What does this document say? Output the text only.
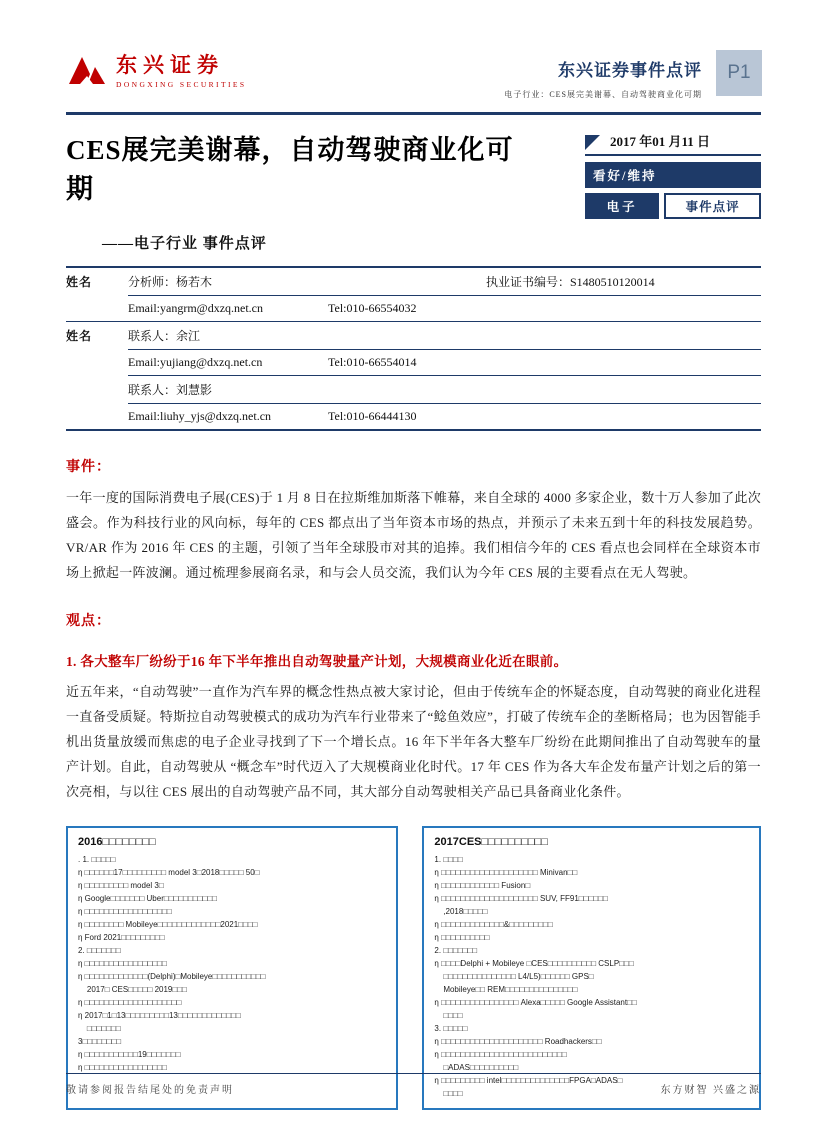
东兴证券
DONGXING SECURITIES
东兴证券事件点评
电子行业：CES展完美谢幕、自动驾驶商业化可期
P1
CES展完美谢幕，自动驾驶商业化可期
2017 年01 月11 日
看好/维持
电子	事件点评
——电子行业 事件点评
姓名	分析师：杨若木	执业证书编号：S1480510120014
Email:yangrm@dxzq.net.cn	Tel:010-66554032
姓名	联系人：余江
Email:yujiang@dxzq.net.cn	Tel:010-66554014
联系人：刘慧影
Email:liuhy_yjs@dxzq.net.cn	Tel:010-66444130
事件：
一年一度的国际消费电子展(CES)于 1 月 8 日在拉斯维加斯落下帷幕，来自全球的 4000 多家企业，数十万人参加了此次盛会。作为科技行业的风向标，每年的 CES 都点出了当年资本市场的热点，并预示了未来五到十年的科技发展趋势。VR/AR 作为 2016 年 CES 的主题，引领了当年全球股市对其的追捧。我们相信今年的 CES 看点也会同样在全球资本市场上掀起一阵波澜。通过梳理参展商名录，和与会人员交流，我们认为今年 CES 展的主要看点在无人驾驶。
观点：
1. 各大整车厂纷纷于16 年下半年推出自动驾驶量产计划，大规模商业化近在眼前。
近五年来，“自动驾驶”一直作为汽车界的概念性热点被大家讨论，但由于传统车企的怀疑态度，自动驾驶的商业化进程一直备受质疑。特斯拉自动驾驶模式的成功为汽车行业带来了“鲶鱼效应”，打破了传统车企的垄断格局；也为因智能手机出货量放缓而焦虑的电子企业寻找到了下一个增长点。16 年下半年各大整车厂纷纷在此期间推出了自动驾驶车的量产计划。自此，自动驾驶从 “概念车”时代迈入了大规模商业化时代。17 年 CES 作为各大车企发布量产计划之后的第一次亮相，与以往 CES 展出的自动驾驶产品不同，其大部分自动驾驶相关产品已具备商业化条件。
2016□□□□□□□□
. 1. □□□□□
η □□□□□□17□□□□□□□□□ model 3□2018□□□□□ 50□
η □□□□□□□□□ model 3□
η Google□□□□□□□ Uber□□□□□□□□□□□
η □□□□□□□□□□□□□□□□□□
η □□□□□□□□ Mobileye□□□□□□□□□□□□□2021□□□□
η Ford 2021□□□□□□□□□
2. □□□□□□□
η □□□□□□□□□□□□□□□□□
η □□□□□□□□□□□□□(Delphi)□Mobileye□□□□□□□□□□□
2017□ CES□□□□□ 2019□□□
η □□□□□□□□□□□□□□□□□□□□
η 2017□1□13□□□□□□□□□13□□□□□□□□□□□□□
□□□□□□□
3□□□□□□□□
η □□□□□□□□□□□19□□□□□□□
η □□□□□□□□□□□□□□□□□
2017CES□□□□□□□□□□
1. □□□□
η □□□□□□□□□□□□□□□□□□□□ Minivan□□
η □□□□□□□□□□□□ Fusion□
η □□□□□□□□□□□□□□□□□□□□ SUV, FF91□□□□□□
,2018□□□□□
η □□□□□□□□□□□□□&□□□□□□□□□
η □□□□□□□□□□
2. □□□□□□□
η □□□□Delphi + Mobileye □CES□□□□□□□□□□ CSLP□□□
□□□□□□□□□□□□□□□ L4/L5)□□□□□□ GPS□
Mobileye□□ REM□□□□□□□□□□□□□□□
η □□□□□□□□□□□□□□□□ Alexa□□□□□ Google Assistant□□
□□□□
3. □□□□□
η □□□□□□□□□□□□□□□□□□□□□ Roadhackers□□
η □□□□□□□□□□□□□□□□□□□□□□□□□□
□ADAS□□□□□□□□□□
η □□□□□□□□□ intel□□□□□□□□□□□□□□FPGA□ADAS□
□□□□
敬请参阅报告结尾处的免责声明	东方财智 兴盛之源
